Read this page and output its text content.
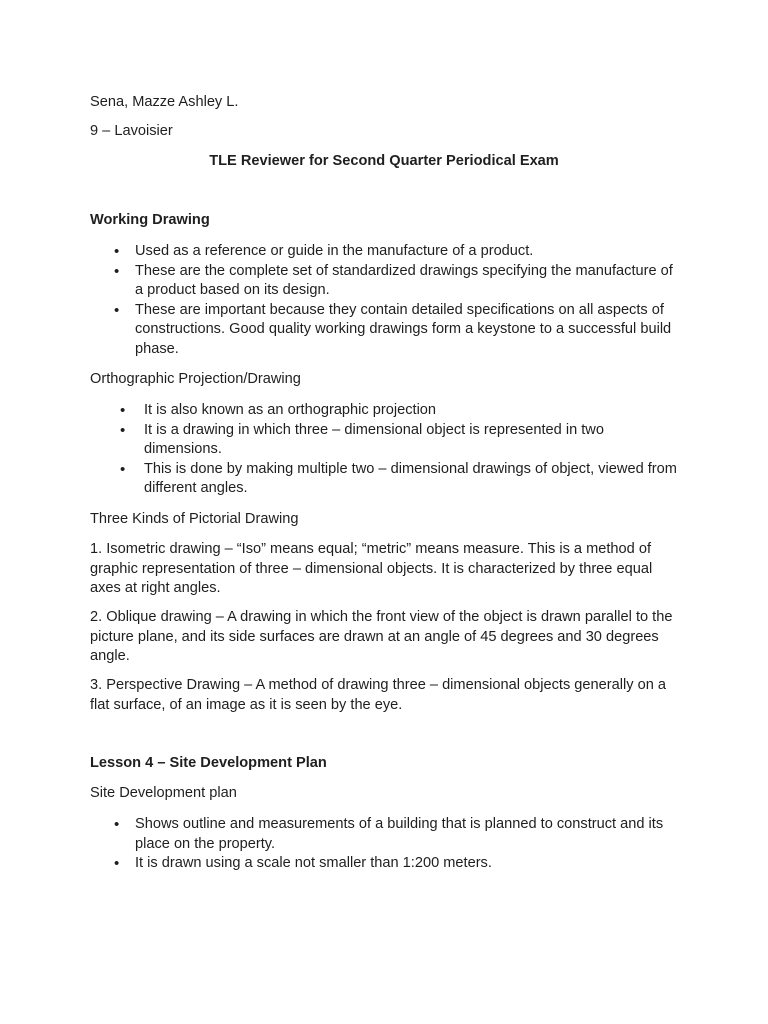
Sena, Mazze Ashley L.

9 – Lavoisier

TLE Reviewer for Second Quarter Periodical Exam

Working Drawing

• Used as a reference or guide in the manufacture of a product.
• These are the complete set of standardized drawings specifying the manufacture of a product based on its design.
• These are important because they contain detailed specifications on all aspects of constructions. Good quality working drawings form a keystone to a successful build phase.

Orthographic Projection/Drawing

• It is also known as an orthographic projection
• It is a drawing in which three – dimensional object is represented in two dimensions.
• This is done by making multiple two – dimensional drawings of object, viewed from different angles.

Three Kinds of Pictorial Drawing

1. Isometric drawing – “Iso” means equal; “metric” means measure. This is a method of graphic representation of three – dimensional objects. It is characterized by three equal axes at right angles.

2. Oblique drawing – A drawing in which the front view of the object is drawn parallel to the picture plane, and its side surfaces are drawn at an angle of 45 degrees and 30 degrees angle.

3. Perspective Drawing – A method of drawing three – dimensional objects generally on a flat surface, of an image as it is seen by the eye.

Lesson 4 – Site Development Plan

Site Development plan

• Shows outline and measurements of a building that is planned to construct and its place on the property.
• It is drawn using a scale not smaller than 1:200 meters.
